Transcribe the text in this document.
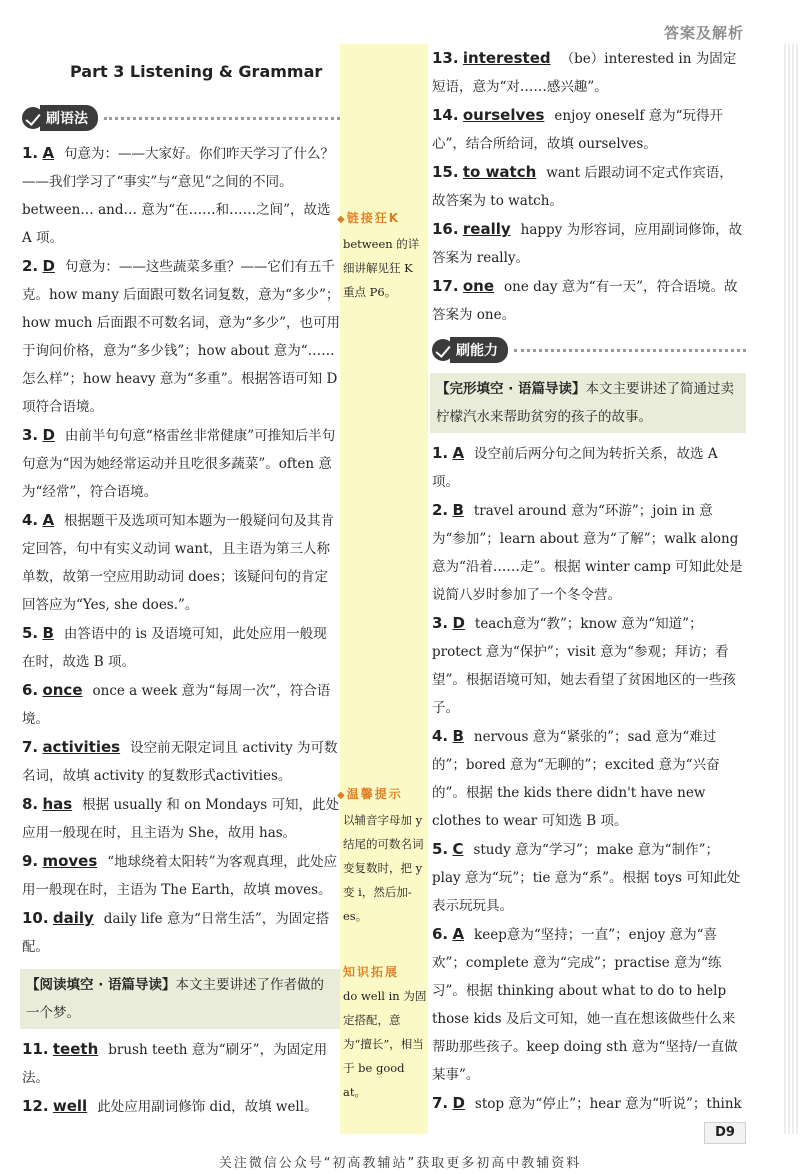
答案及解析
Part 3 Listening & Grammar
刷语法
1. A 句意为：——大家好。你们昨天学习了什么？——我们学习了“事实”与“意见”之间的不同。between… and… 意为“在……和……之间”，故选 A 项。
2. D 句意为：——这些蔬菜多重？——它们有五千克。how many 后面跟可数名词复数，意为“多少”；how much 后面跟不可数名词，意为“多少”，也可用于询问价格，意为“多少钱”；how about 意为“……怎么样”；how heavy 意为“多重”。根据答语可知 D 项符合语境。
3. D 由前半句句意“格雷丝非常健康”可推知后半句句意为“因为她经常运动并且吃很多蔬菜”。often 意为“经常”，符合语境。
4. A 根据题干及选项可知本题为一般疑问句及其肯定回答，句中有实义动词 want，且主语为第三人称单数，故第一空应用助动词 does；该疑问句的肯定回答应为“Yes, she does.”。
5. B 由答语中的 is 及语境可知，此处应用一般现在时，故选 B 项。
6. once once a week 意为“每周一次”，符合语境。
7. activities 设空前无限定词且 activity 为可数名词，故填 activity 的复数形式activities。
8. has 根据 usually 和 on Mondays 可知，此处应用一般现在时，且主语为 She，故用 has。
9. moves “地球绕着太阳转”为客观真理，此处应用一般现在时，主语为 The Earth，故填 moves。
10. daily daily life 意为“日常生活”，为固定搭配。
【阅读填空 · 语篇导读】本文主要讲述了作者做的一个梦。
11. teeth brush teeth 意为“刷牙”，为固定用法。
12. well 此处应用副词修饰 did，故填 well。
◆链接狂K
between 的详细讲解见狂 K 重点 P6。
◆温馨提示
以辅音字母加 y 结尾的可数名词变复数时，把 y 变 i，然后加-es。
知识拓展
do well in 为固定搭配，意为“擅长”，相当于 be good at。
13. interested （be）interested in 为固定短语，意为“对……感兴趣”。
14. ourselves enjoy oneself 意为“玩得开心”，结合所给词，故填 ourselves。
15. to watch want 后跟动词不定式作宾语，故答案为 to watch。
16. really happy 为形容词，应用副词修饰，故答案为 really。
17. one one day 意为“有一天”，符合语境。故答案为 one。
刷能力
【完形填空 · 语篇导读】本文主要讲述了简通过卖柠檬汽水来帮助贫穷的孩子的故事。
1. A 设空前后两分句之间为转折关系，故选 A 项。
2. B travel around 意为“环游”；join in 意为“参加”；learn about 意为“了解”；walk along 意为“沿着……走”。根据 winter camp 可知此处是说简八岁时参加了一个冬令营。
3. D teach意为“教”；know 意为“知道”；protect 意为“保护”；visit 意为“参观；拜访；看望”。根据语境可知，她去看望了贫困地区的一些孩子。
4. B nervous 意为“紧张的”；sad 意为“难过的”；bored 意为“无聊的”；excited 意为“兴奋的”。根据 the kids there didn't have new clothes to wear 可知选 B 项。
5. C study 意为“学习”；make 意为“制作”；play 意为“玩”；tie 意为“系”。根据 toys 可知此处表示玩玩具。
6. A keep意为“坚持；一直”；enjoy 意为“喜欢”；complete 意为“完成”；practise 意为“练习”。根据 thinking about what to do to help those kids 及后文可知，她一直在想该做些什么来帮助那些孩子。keep doing sth 意为“坚持/一直做某事”。
7. D stop 意为“停止”；hear 意为“听说”；think
D9
关注微信公众号“初高教辅站”获取更多初高中教辅资料
